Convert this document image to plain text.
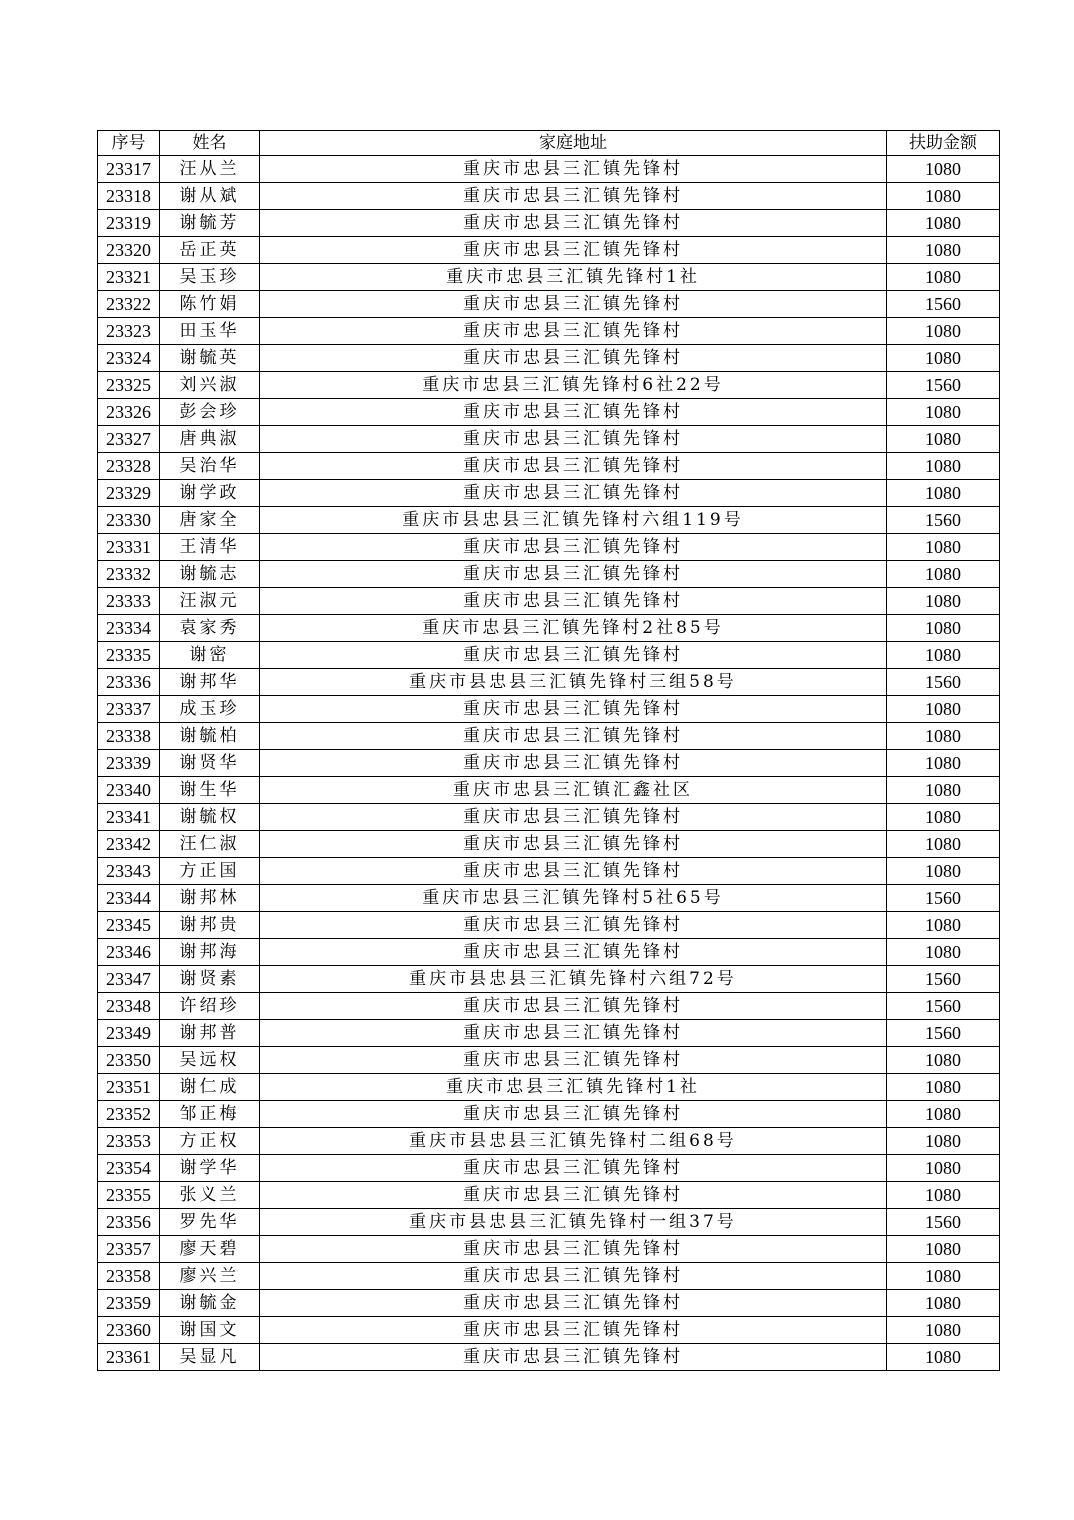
序号	姓名	家庭地址	扶助金额
23317	汪从兰	重庆市忠县三汇镇先锋村	1080
23318	谢从斌	重庆市忠县三汇镇先锋村	1080
23319	谢毓芳	重庆市忠县三汇镇先锋村	1080
23320	岳正英	重庆市忠县三汇镇先锋村	1080
23321	吴玉珍	重庆市忠县三汇镇先锋村1社	1080
23322	陈竹娟	重庆市忠县三汇镇先锋村	1560
23323	田玉华	重庆市忠县三汇镇先锋村	1080
23324	谢毓英	重庆市忠县三汇镇先锋村	1080
23325	刘兴淑	重庆市忠县三汇镇先锋村6社22号	1560
23326	彭会珍	重庆市忠县三汇镇先锋村	1080
23327	唐典淑	重庆市忠县三汇镇先锋村	1080
23328	吴治华	重庆市忠县三汇镇先锋村	1080
23329	谢学政	重庆市忠县三汇镇先锋村	1080
23330	唐家全	重庆市县忠县三汇镇先锋村六组119号	1560
23331	王清华	重庆市忠县三汇镇先锋村	1080
23332	谢毓志	重庆市忠县三汇镇先锋村	1080
23333	汪淑元	重庆市忠县三汇镇先锋村	1080
23334	袁家秀	重庆市忠县三汇镇先锋村2社85号	1080
23335	谢密	重庆市忠县三汇镇先锋村	1080
23336	谢邦华	重庆市县忠县三汇镇先锋村三组58号	1560
23337	成玉珍	重庆市忠县三汇镇先锋村	1080
23338	谢毓柏	重庆市忠县三汇镇先锋村	1080
23339	谢贤华	重庆市忠县三汇镇先锋村	1080
23340	谢生华	重庆市忠县三汇镇汇鑫社区	1080
23341	谢毓权	重庆市忠县三汇镇先锋村	1080
23342	汪仁淑	重庆市忠县三汇镇先锋村	1080
23343	方正国	重庆市忠县三汇镇先锋村	1080
23344	谢邦林	重庆市忠县三汇镇先锋村5社65号	1560
23345	谢邦贵	重庆市忠县三汇镇先锋村	1080
23346	谢邦海	重庆市忠县三汇镇先锋村	1080
23347	谢贤素	重庆市县忠县三汇镇先锋村六组72号	1560
23348	许绍珍	重庆市忠县三汇镇先锋村	1560
23349	谢邦普	重庆市忠县三汇镇先锋村	1560
23350	吴远权	重庆市忠县三汇镇先锋村	1080
23351	谢仁成	重庆市忠县三汇镇先锋村1社	1080
23352	邹正梅	重庆市忠县三汇镇先锋村	1080
23353	方正权	重庆市县忠县三汇镇先锋村二组68号	1080
23354	谢学华	重庆市忠县三汇镇先锋村	1080
23355	张义兰	重庆市忠县三汇镇先锋村	1080
23356	罗先华	重庆市县忠县三汇镇先锋村一组37号	1560
23357	廖天碧	重庆市忠县三汇镇先锋村	1080
23358	廖兴兰	重庆市忠县三汇镇先锋村	1080
23359	谢毓金	重庆市忠县三汇镇先锋村	1080
23360	谢国文	重庆市忠县三汇镇先锋村	1080
23361	吴显凡	重庆市忠县三汇镇先锋村	1080
